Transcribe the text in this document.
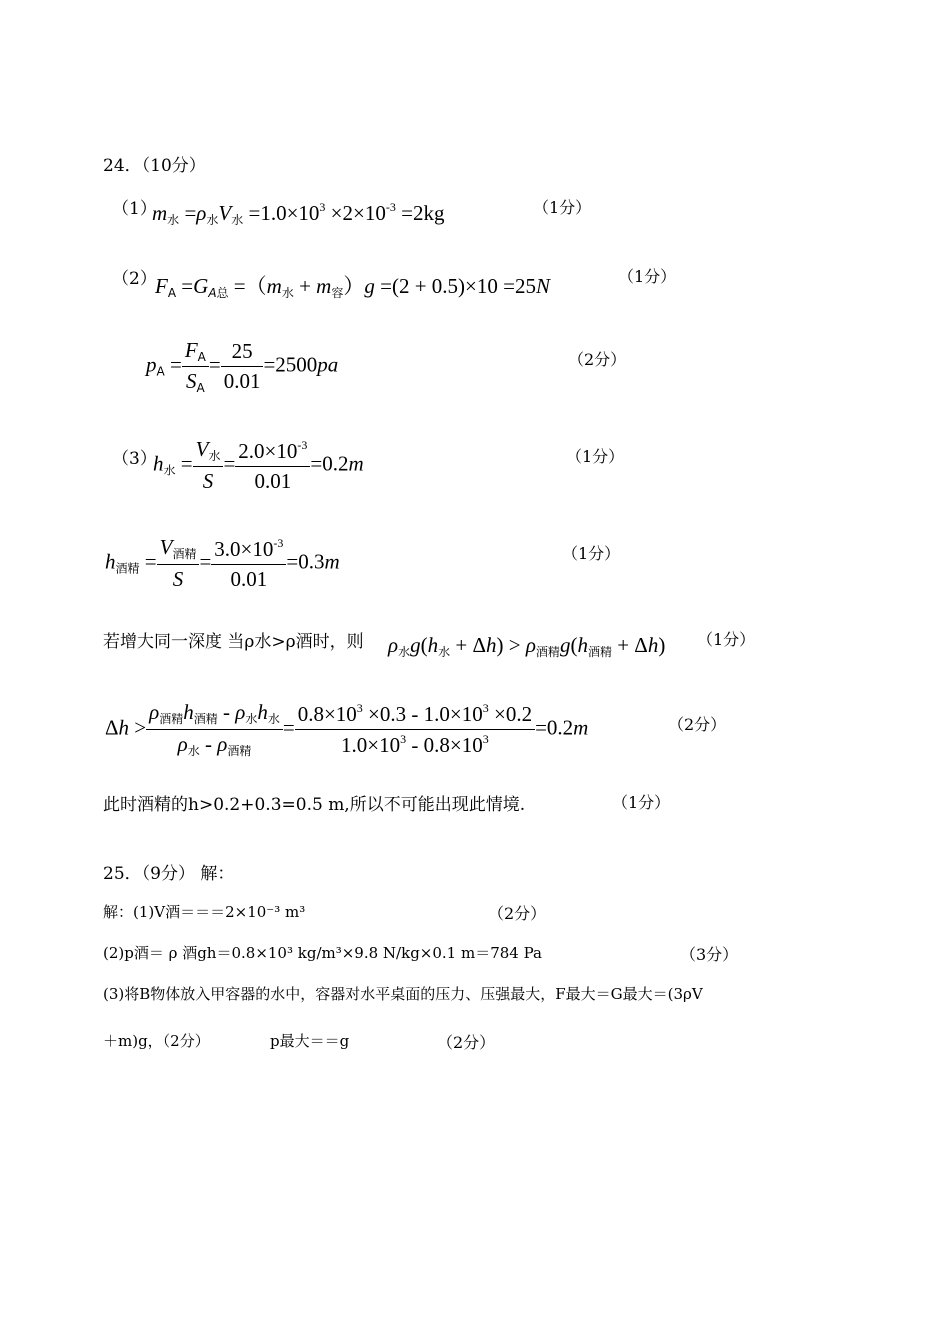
24．（10分）
（1）
$m_水 =\rho_水V_水 =1.0\times 10^3 \times 2\times 10^{-3} =2kg$	（1分）
（2）
$F_A =G_{A总} =(m_水 + m_容)g =(2 + 0.5)\times 10 =25N$	（1分）
$p_A = \frac{F_A}{S_A} = \frac{25}{0.01} =2500pa$	（2分）
（3）
$h_水 = \frac{V_水}{S} = \frac{2.0\times 10^{-3}}{0.01} =0.2m$	（1分）
$h_{酒精} = \frac{V_{酒精}}{S} = \frac{3.0\times 10^{-3}}{0.01} =0.3m$	（1分）
若增大同一深度 当ρ水>ρ酒时，则 $\rho_水g(h_水 + \Delta h) > \rho_{酒精}g(h_{酒精} + \Delta h)$ （1分）
$\Delta h > \frac{\rho_{酒精}h_{酒精} - \rho_水h_水}{\rho_水 - \rho_{酒精}} = \frac{0.8\times 10^3 \times 0.3 - 1.0\times 10^3 \times 0.2}{1.0\times 10^3 - 0.8\times 10^3} =0.2m$	（2分）
此时酒精的h>0.2+0.3=0.5 m,所以不可能出现此情境.	（1分）
25．（9分） 解：
解：(1)V酒＝＝＝2×10⁻³ m³	（2分）
(2)p酒＝ ρ 酒gh＝0.8×10³ kg/m³×9.8 N/kg×0.1 m＝784 Pa	（3分）
(3)将B物体放入甲容器的水中，容器对水平桌面的压力、压强最大，F最大＝G最大＝(3ρV
＋m)g，（2分）	p最大＝＝g	（2分）
